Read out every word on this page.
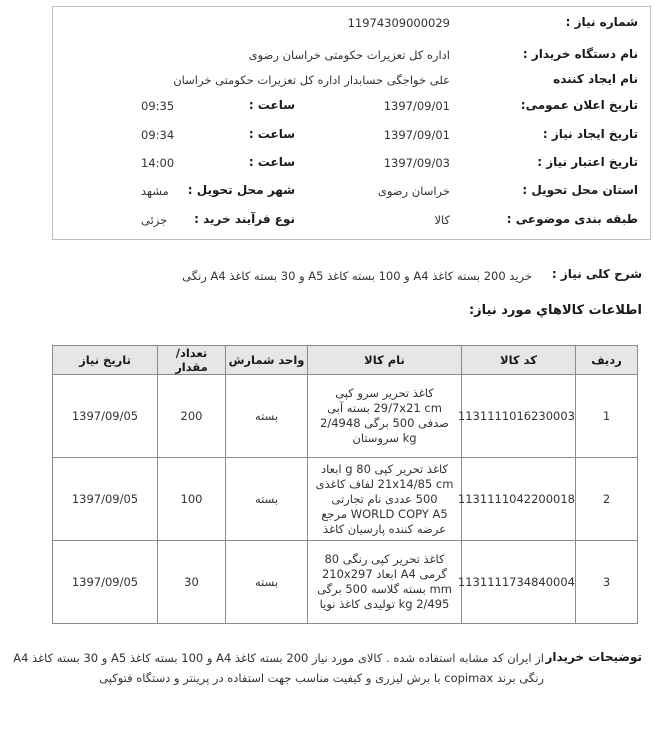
شماره نیاز :
11974309000029
نام دستگاه خریدار :
اداره کل تعزیرات حکومتی خراسان رضوی
نام ایجاد کننده
علی خواجگی حسابدار اداره کل تعزیرات حکومتی خراسان
تاریخ اعلان عمومی:
1397/09/01
ساعت :
09:35
تاریخ ایجاد نیاز :
1397/09/01
ساعت :
09:34
تاریخ اعتبار نیاز :
1397/09/03
ساعت :
14:00
استان محل تحویل :
خراسان رضوی
شهر محل تحویل :
مشهد
طبقه بندی موضوعی :
کالا
نوع فرآیند خرید :
جزئی
شرح کلی نیاز :
خرید 200 بسته کاغذ A4 و 100 بسته کاغذ A5 و 30 بسته کاغذ A4 رنگی
اطلاعات کالاهاي مورد نياز:
ردیف	کد کالا	نام کالا	واحد شمارش	تعداد/ مقدار	تاریخ نیاز
1	1131111016230003	کاغذ تحریر سرو کپی 29/7x21 cm بسته آبی صدفی 500 برگی 2/4948 kg سروستان	بسته	200	1397/09/05
2	1131111042200018	کاغذ تحریر کپی 80 g ابعاد 21x14/85 cm لفاف کاغذی 500 عددی نام تجارتی WORLD COPY A5 مرجع عرضه کننده پارسیان کاغذ	بسته	100	1397/09/05
3	1131111734840004	کاغذ تحریر کپی رنگی 80 گرمی A4 ابعاد 210x297 mm بسته گلاسه 500 برگی 2/495 kg تولیدی کاغذ نویا	بسته	30	1397/09/05
توضیحات خریدار
از ایران کد مشابه استفاده شده . کالای مورد نیاز 200 بسته کاغذ A4 و 100 بسته کاغذ A5 و 30 بسته کاغذ A4 رنگی برند copimax با برش لیزری و کیفیت مناسب جهت استفاده در پرینتر و دستگاه فتوکپی
